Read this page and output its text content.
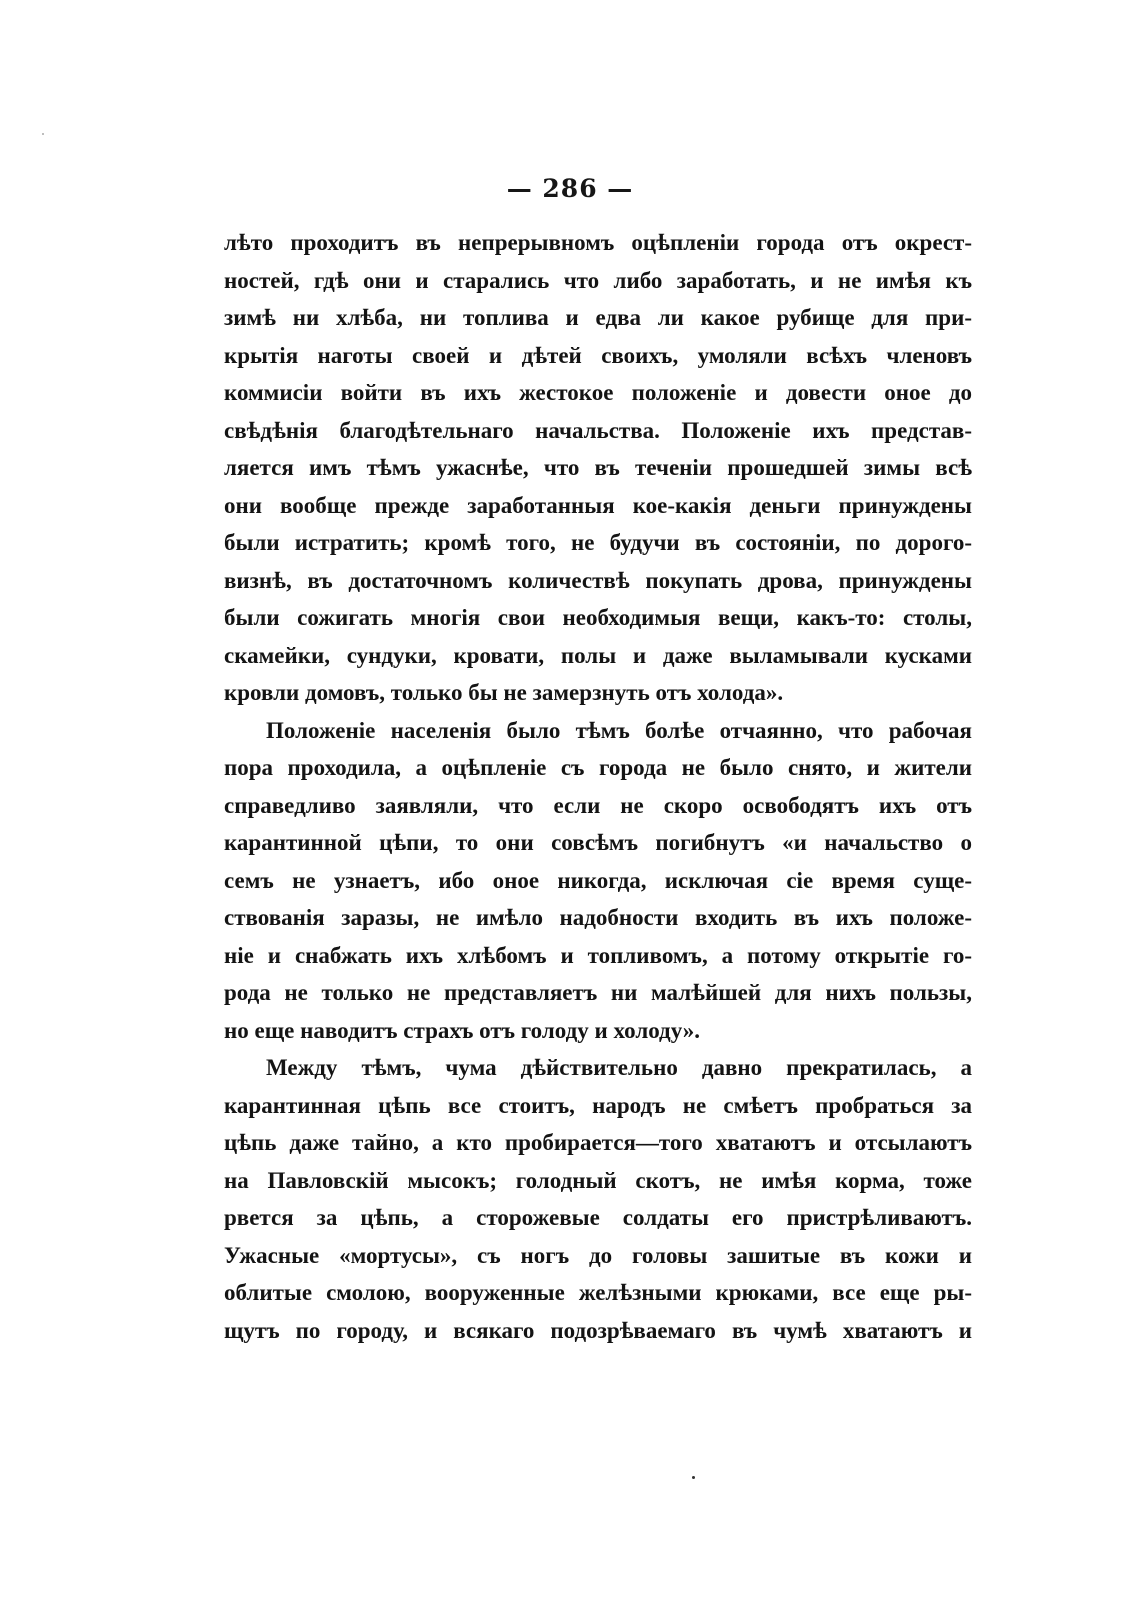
— 286 —
лѣто проходитъ въ непрерывномъ оцѣпленіи города отъ окрест-
ностей, гдѣ они и старались что либо заработать, и не имѣя къ
зимѣ ни хлѣба, ни топлива и едва ли какое рубище для при-
крытія наготы своей и дѣтей своихъ, умоляли всѣхъ членовъ
коммисіи войти въ ихъ жестокое положеніе и довести оное до
свѣдѣнія благодѣтельнаго начальства. Положеніе ихъ представ-
ляется имъ тѣмъ ужаснѣе, что въ теченіи прошедшей зимы всѣ
они вообще прежде заработанныя кое-какія деньги принуждены
были истратить; кромѣ того, не будучи въ состояніи, по дорого-
визнѣ, въ достаточномъ количествѣ покупать дрова, принуждены
были сожигать многія свои необходимыя вещи, какъ-то: столы,
скамейки, сундуки, кровати, полы и даже выламывали кусками
кровли домовъ, только бы не замерзнуть отъ холода».
Положеніе населенія было тѣмъ болѣе отчаянно, что рабочая
пора проходила, а оцѣпленіе съ города не было снято, и жители
справедливо заявляли, что если не скоро освободятъ ихъ отъ
карантинной цѣпи, то они совсѣмъ погибнутъ «и начальство о
семъ не узнаетъ, ибо оное никогда, исключая сіе время суще-
ствованія заразы, не имѣло надобности входить въ ихъ положе-
ніе и снабжать ихъ хлѣбомъ и топливомъ, а потому открытіе го-
рода не только не представляетъ ни малѣйшей для нихъ пользы,
но еще наводитъ страхъ отъ голоду и холоду».
Между тѣмъ, чума дѣйствительно давно прекратилась, а
карантинная цѣпь все стоитъ, народъ не смѣетъ пробраться за
цѣпь даже тайно, а кто пробирается—того хватаютъ и отсылаютъ
на Павловскій мысокъ; голодный скотъ, не имѣя корма, тоже
рвется за цѣпь, а сторожевые солдаты его пристрѣливаютъ.
Ужасные «мортусы», съ ногъ до головы зашитые въ кожи и
облитые смолою, вооруженные желѣзными крюками, все еще ры-
щутъ по городу, и всякаго подозрѣваемаго въ чумѣ хватаютъ и
